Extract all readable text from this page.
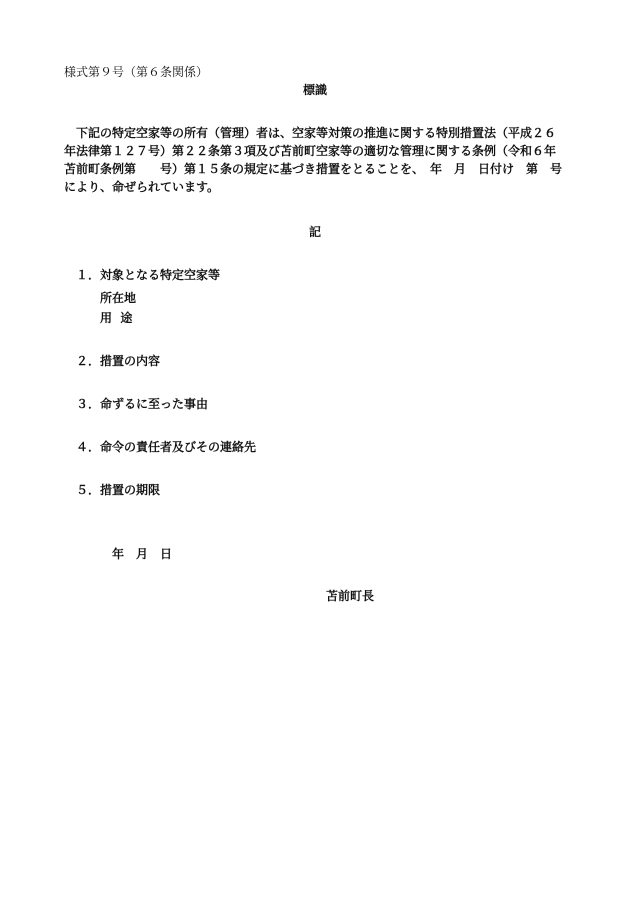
様式第９号（第６条関係）
標識
　下記の特定空家等の所有（管理）者は、空家等対策の推進に関する特別措置法（平成２６
年法律第１２７号）第２２条第３項及び苫前町空家等の適切な管理に関する条例（令和６年
苫前町条例第　　号）第１５条の規定に基づき措置をとることを、　年　月　日付け　第　号
により、命ぜられています。
記
１．対象となる特定空家等
所在地
用  途
２．措置の内容
３．命ずるに至った事由
４．命令の責任者及びその連絡先
５．措置の期限
年　月　日
苫前町長
